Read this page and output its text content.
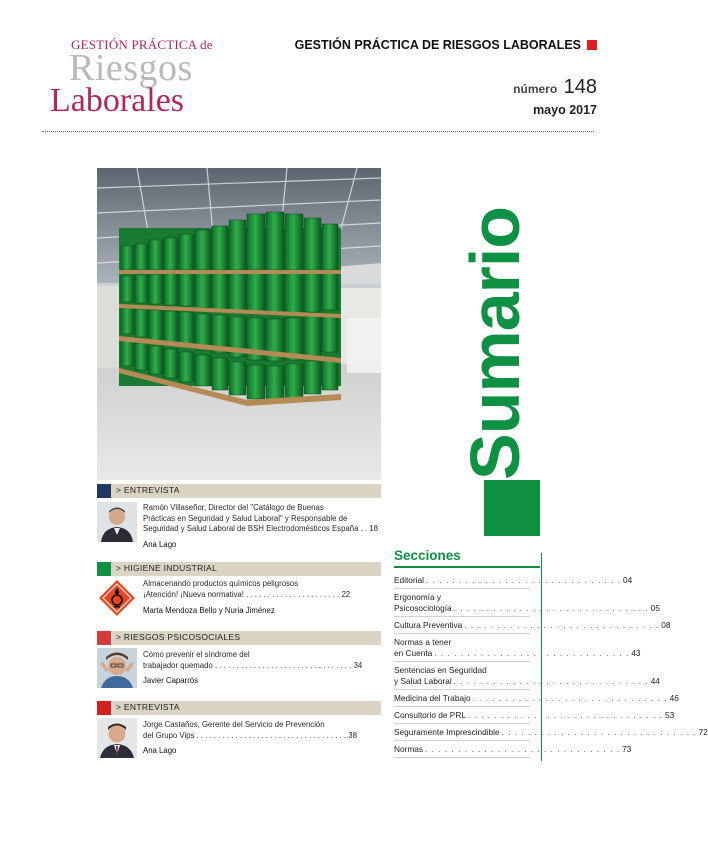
GESTIÓN PRÁCTICA de
Riesgos
Laborales
GESTIÓN PRÁCTICA DE RIESGOS LABORALES
número 148
mayo 2017
Sumario
> ENTREVISTA
Ramón Villaseñor, Director del "Catálogo de Buenas
Prácticas en Seguridad y Salud Laboral" y Responsable de
Seguridad y Salud Laboral de BSH Electrodomésticos España . . 18
Ana Lago
> HIGIENE INDUSTRIAL
Almacenando productos químicos peligrosos
¡Atención! ¡Nueva normativa! . . . . . . . . . . . . . . . . . . . . . . 22
Marta Mendoza Bello y Nuria Jiménez
> RIESGOS PSICOSOCIALES
Cómo prevenir el síndrome del
trabajador quemado . . . . . . . . . . . . . . . . . . . . . . . . . . . . . . . . 34
Javier Caparrós
> ENTREVISTA
Jorge Castaños, Gerente del Servicio de Prevención
del Grupo Vips . . . . . . . . . . . . . . . . . . . . . . . . . . . . . . . . . . . 38
Ana Lago
Secciones
Editorial . . . . . . . . . . . . . . . . . . . . . . . . . . . . . . 04
Ergonomía y
Psicosociología . . . . . . . . . . . . . . . . . . . . . . . . . . . . . . 05
Cultura Preventiva . . . . . . . . . . . . . . . . . . . . . . . . . . . . . . 08
Normas a tener
en Cuenta . . . . . . . . . . . . . . . . . . . . . . . . . . . . . . 43
Sentencias en Seguridad
y Salud Laboral . . . . . . . . . . . . . . . . . . . . . . . . . . . . . . 44
Medicina del Trabajo . . . . . . . . . . . . . . . . . . . . . . . . . . . . . . 46
Consultorio de PRL . . . . . . . . . . . . . . . . . . . . . . . . . . . . . . 53
Seguramente Imprescindible . . . . . . . . . . . . . . . . . . . . . . . . . . . . . . 72
Normas . . . . . . . . . . . . . . . . . . . . . . . . . . . . . . 73
